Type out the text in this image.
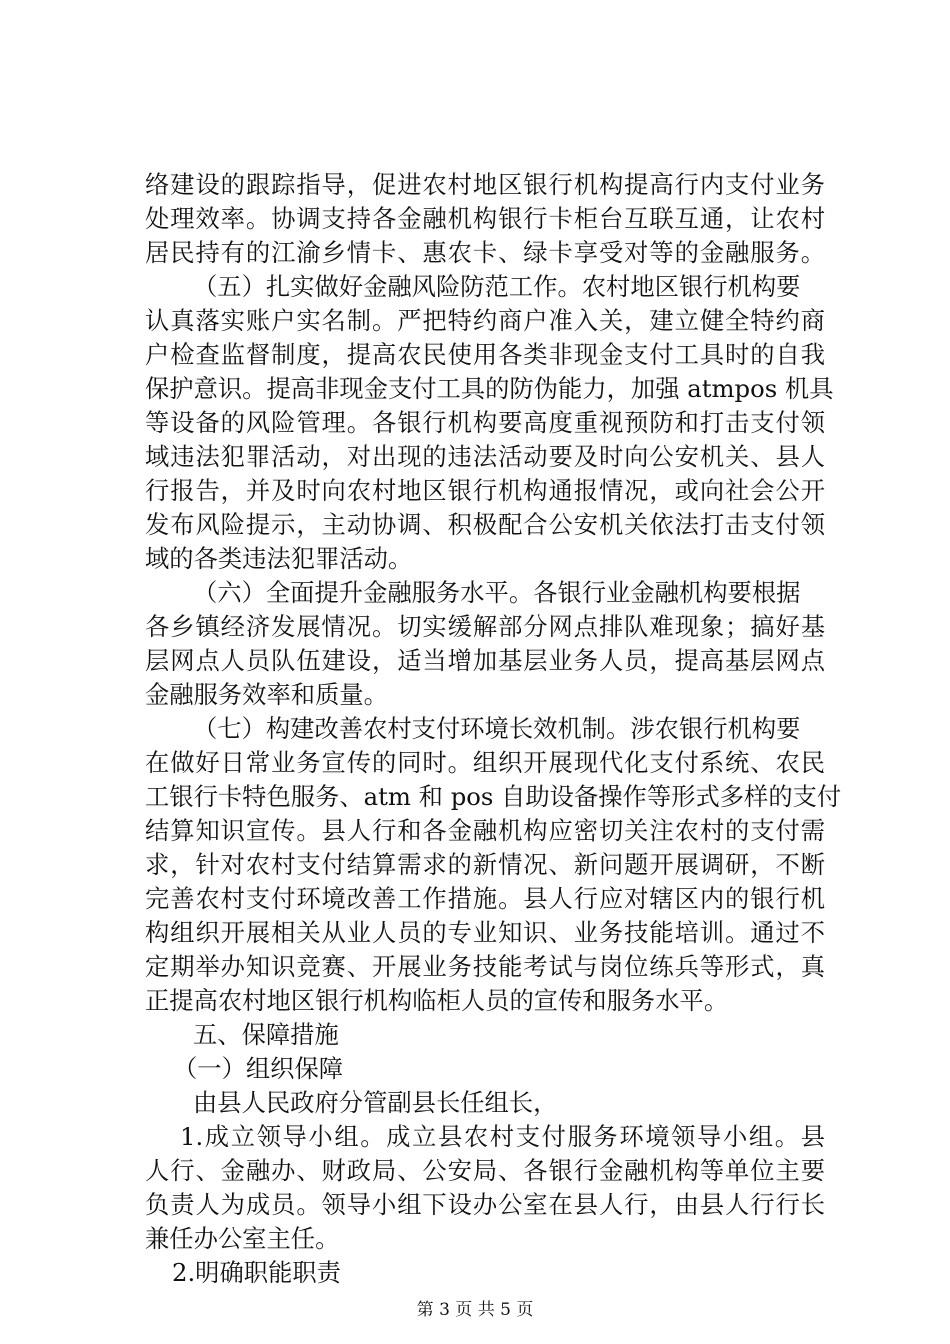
络建设的跟踪指导，促进农村地区银行机构提高行内支付业务
处理效率。协调支持各金融机构银行卡柜台互联互通，让农村
居民持有的江渝乡情卡、惠农卡、绿卡享受对等的金融服务。
（五）扎实做好金融风险防范工作。农村地区银行机构要
认真落实账户实名制。严把特约商户准入关，建立健全特约商
户检查监督制度，提高农民使用各类非现金支付工具时的自我
保护意识。提高非现金支付工具的防伪能力，加强 atmpos 机具
等设备的风险管理。各银行机构要高度重视预防和打击支付领
域违法犯罪活动，对出现的违法活动要及时向公安机关、县人
行报告，并及时向农村地区银行机构通报情况，或向社会公开
发布风险提示，主动协调、积极配合公安机关依法打击支付领
域的各类违法犯罪活动。
（六）全面提升金融服务水平。各银行业金融机构要根据
各乡镇经济发展情况。切实缓解部分网点排队难现象；搞好基
层网点人员队伍建设，适当增加基层业务人员，提高基层网点
金融服务效率和质量。
（七）构建改善农村支付环境长效机制。涉农银行机构要
在做好日常业务宣传的同时。组织开展现代化支付系统、农民
工银行卡特色服务、atm 和 pos 自助设备操作等形式多样的支付
结算知识宣传。县人行和各金融机构应密切关注农村的支付需
求，针对农村支付结算需求的新情况、新问题开展调研，不断
完善农村支付环境改善工作措施。县人行应对辖区内的银行机
构组织开展相关从业人员的专业知识、业务技能培训。通过不
定期举办知识竞赛、开展业务技能考试与岗位练兵等形式，真
正提高农村地区银行机构临柜人员的宣传和服务水平。
五、保障措施
（一）组织保障
由县人民政府分管副县长任组长，
1.成立领导小组。成立县农村支付服务环境领导小组。县
人行、金融办、财政局、公安局、各银行金融机构等单位主要
负责人为成员。领导小组下设办公室在县人行，由县人行行长
兼任办公室主任。
2.明确职能职责
第 3 页 共 5 页
